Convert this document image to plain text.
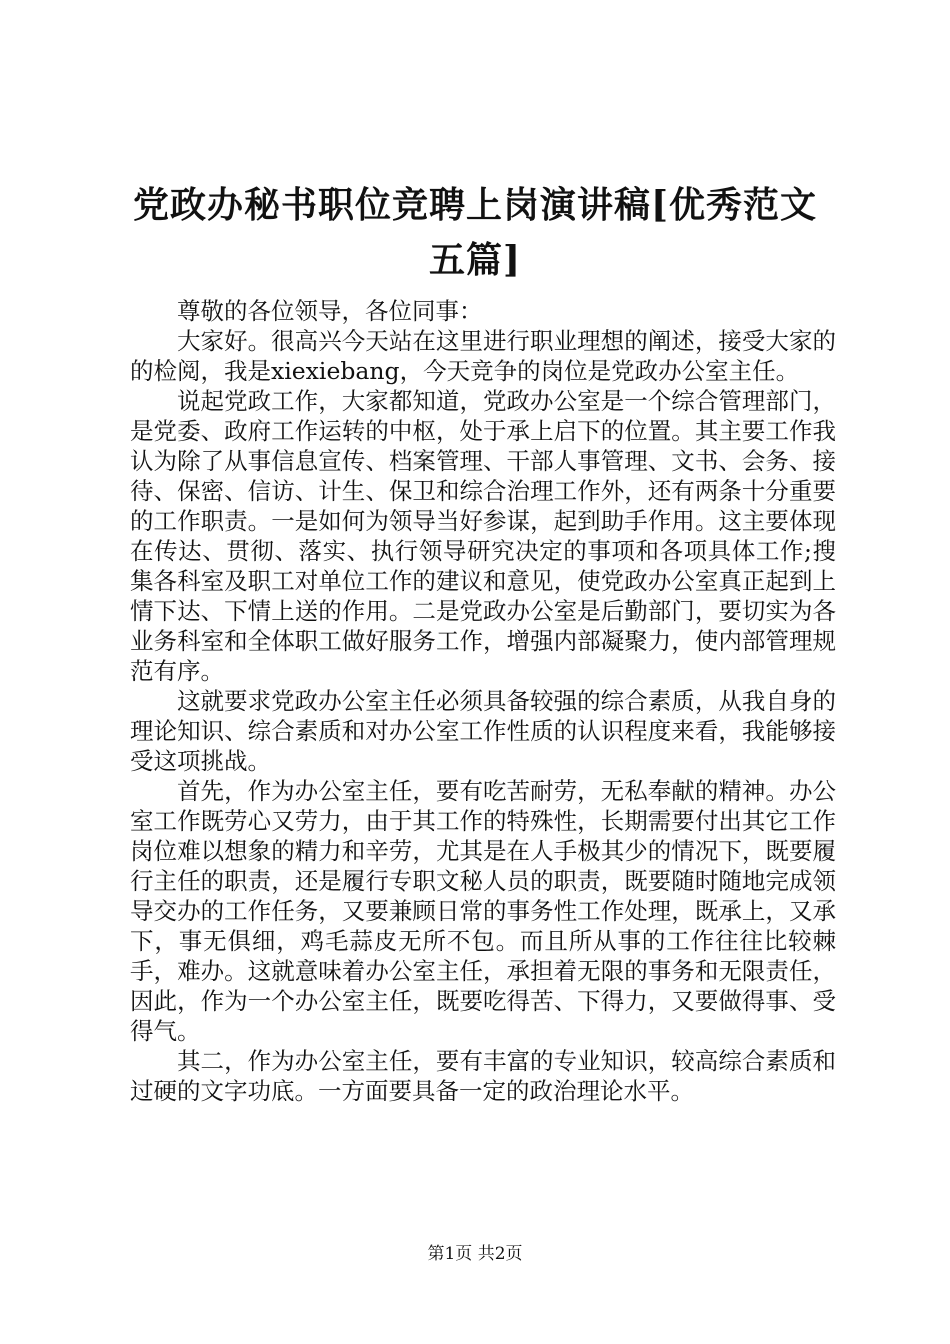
党政办秘书职位竞聘上岗演讲稿[优秀范文五篇]

尊敬的各位领导，各位同事：

大家好。很高兴今天站在这里进行职业理想的阐述，接受大家的的检阅，我是xiexiebang，今天竞争的岗位是党政办公室主任。

说起党政工作，大家都知道，党政办公室是一个综合管理部门，是党委、政府工作运转的中枢，处于承上启下的位置。其主要工作我认为除了从事信息宣传、档案管理、干部人事管理、文书、会务、接待、保密、信访、计生、保卫和综合治理工作外，还有两条十分重要的工作职责。一是如何为领导当好参谋，起到助手作用。这主要体现在传达、贯彻、落实、执行领导研究决定的事项和各项具体工作;搜集各科室及职工对单位工作的建议和意见，使党政办公室真正起到上情下达、下情上送的作用。二是党政办公室是后勤部门，要切实为各业务科室和全体职工做好服务工作，增强内部凝聚力，使内部管理规范有序。

这就要求党政办公室主任必须具备较强的综合素质，从我自身的理论知识、综合素质和对办公室工作性质的认识程度来看，我能够接受这项挑战。

首先，作为办公室主任，要有吃苦耐劳，无私奉献的精神。办公室工作既劳心又劳力，由于其工作的特殊性，长期需要付出其它工作岗位难以想象的精力和辛劳，尤其是在人手极其少的情况下，既要履行主任的职责，还是履行专职文秘人员的职责，既要随时随地完成领导交办的工作任务，又要兼顾日常的事务性工作处理，既承上，又承下，事无俱细，鸡毛蒜皮无所不包。而且所从事的工作往往比较棘手，难办。这就意味着办公室主任，承担着无限的事务和无限责任，因此，作为一个办公室主任，既要吃得苦、下得力，又要做得事、受得气。

其二，作为办公室主任，要有丰富的专业知识，较高综合素质和过硬的文字功底。一方面要具备一定的政治理论水平。

第1页 共2页
